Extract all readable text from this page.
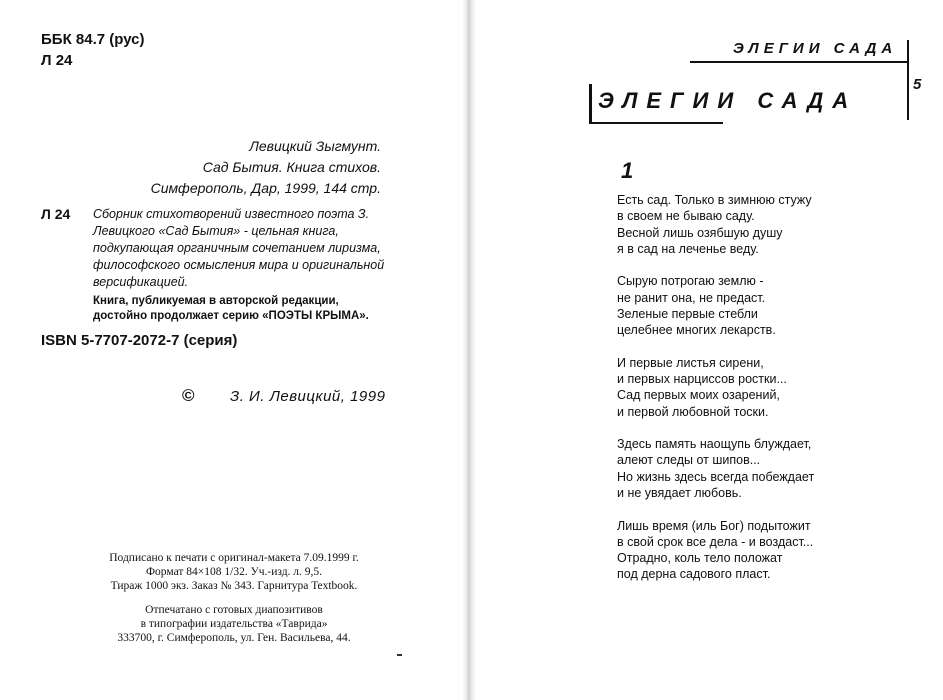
ББК 84.7 (рус)
Л 24
Левицкий Зыгмунт.
Сад Бытия. Книга стихов.
Симферополь, Дар, 1999, 144 стр.
Л 24 Сборник стихотворений известного поэта З. Левицкого «Сад Бытия» - цельная книга, подкупающая органичным сочетанием лиризма, философского осмысления мира и оригинальной версификацией.
Книга, публикуемая в авторской редакции, достойно продолжает серию «ПОЭТЫ КРЫМА».
ISBN 5-7707-2072-7 (серия)
© З. И. Левицкий, 1999
Подписано к печати с оригинал-макета 7.09.1999 г.
Формат 84×108 1/32. Уч.-изд. л. 9,5.
Тираж 1000 экз. Заказ № 343. Гарнитура Textbook.
Отпечатано с готовых диапозитивов
в типографии издательства «Таврида»
333700, г. Симферополь, ул. Ген. Васильева, 44.
ЭЛЕГИИ САДА
5
ЭЛЕГИИ САДА
1
Есть сад. Только в зимнюю стужу
в своем не бываю саду.
Весной лишь озябшую душу
я в сад на леченье веду.
Сырую потрогаю землю -
не ранит она, не предаст.
Зеленые первые стебли
целебнее многих лекарств.
И первые листья сирени,
и первых нарциссов ростки...
Сад первых моих озарений,
и первой любовной тоски.
Здесь память наощупь блуждает,
алеют следы от шипов...
Но жизнь здесь всегда побеждает
и не увядает любовь.
Лишь время (иль Бог) подытожит
в свой срок все дела - и воздаст...
Отрадно, коль тело положат
под дерна садового пласт.
